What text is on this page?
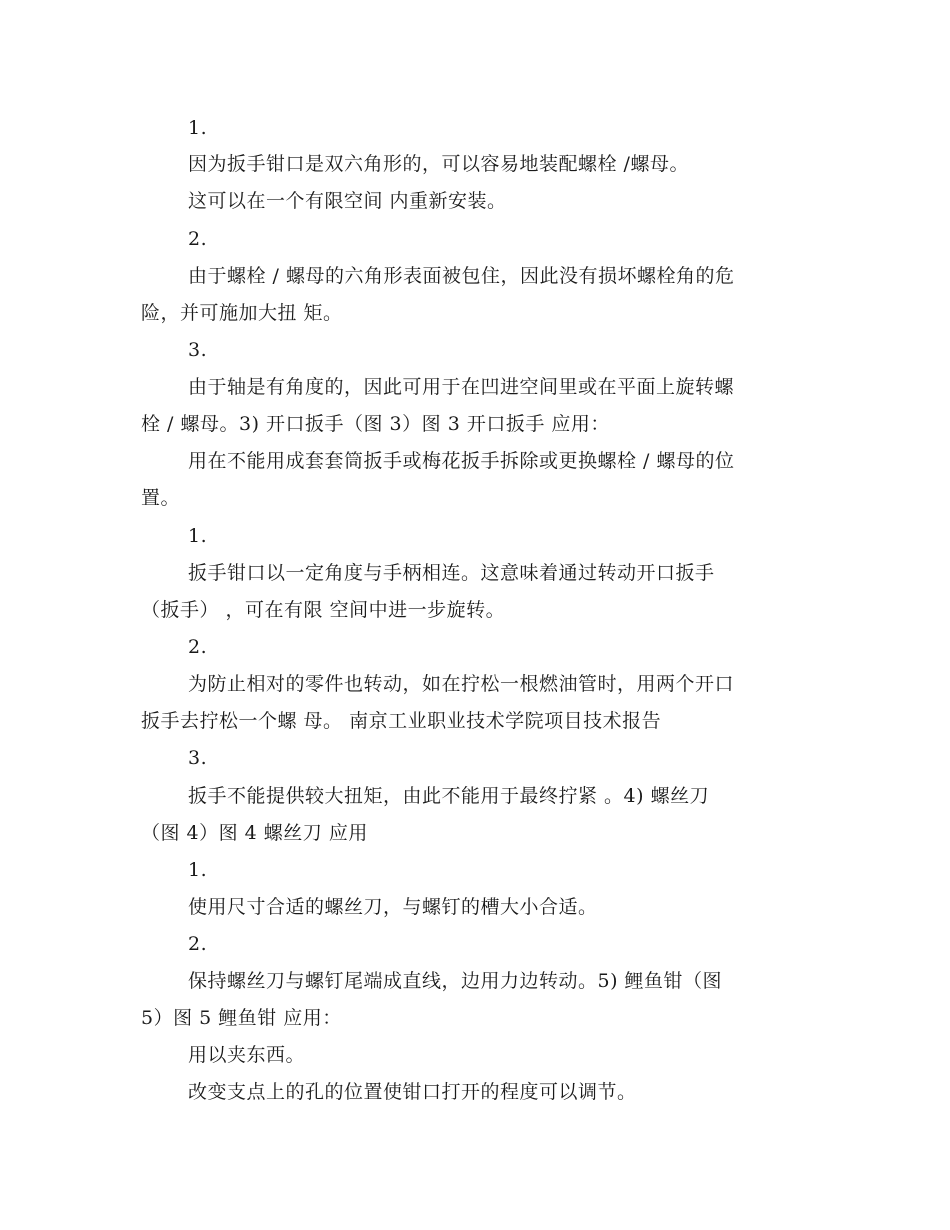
1.
因为扳手钳口是双六角形的，可以容易地装配螺栓 /螺母。
这可以在一个有限空间 内重新安装。
2.
由于螺栓 / 螺母的六角形表面被包住，因此没有损坏螺栓角的危
险，并可施加大扭 矩。
3.
由于轴是有角度的，因此可用于在凹进空间里或在平面上旋转螺
栓 / 螺母。3) 开口扳手（图 3）图 3 开口扳手 应用：
用在不能用成套套筒扳手或梅花扳手拆除或更换螺栓 / 螺母的位
置。
1.
扳手钳口以一定角度与手柄相连。这意味着通过转动开口扳手
（扳手） ，可在有限 空间中进一步旋转。
2.
为防止相对的零件也转动，如在拧松一根燃油管时，用两个开口
扳手去拧松一个螺 母。 南京工业职业技术学院项目技术报告
3.
扳手不能提供较大扭矩，由此不能用于最终拧紧 。4) 螺丝刀
（图 4）图 4 螺丝刀 应用
1.
使用尺寸合适的螺丝刀，与螺钉的槽大小合适。
2.
保持螺丝刀与螺钉尾端成直线，边用力边转动。5) 鲤鱼钳（图
5）图 5 鲤鱼钳 应用：
用以夹东西。
改变支点上的孔的位置使钳口打开的程度可以调节。
